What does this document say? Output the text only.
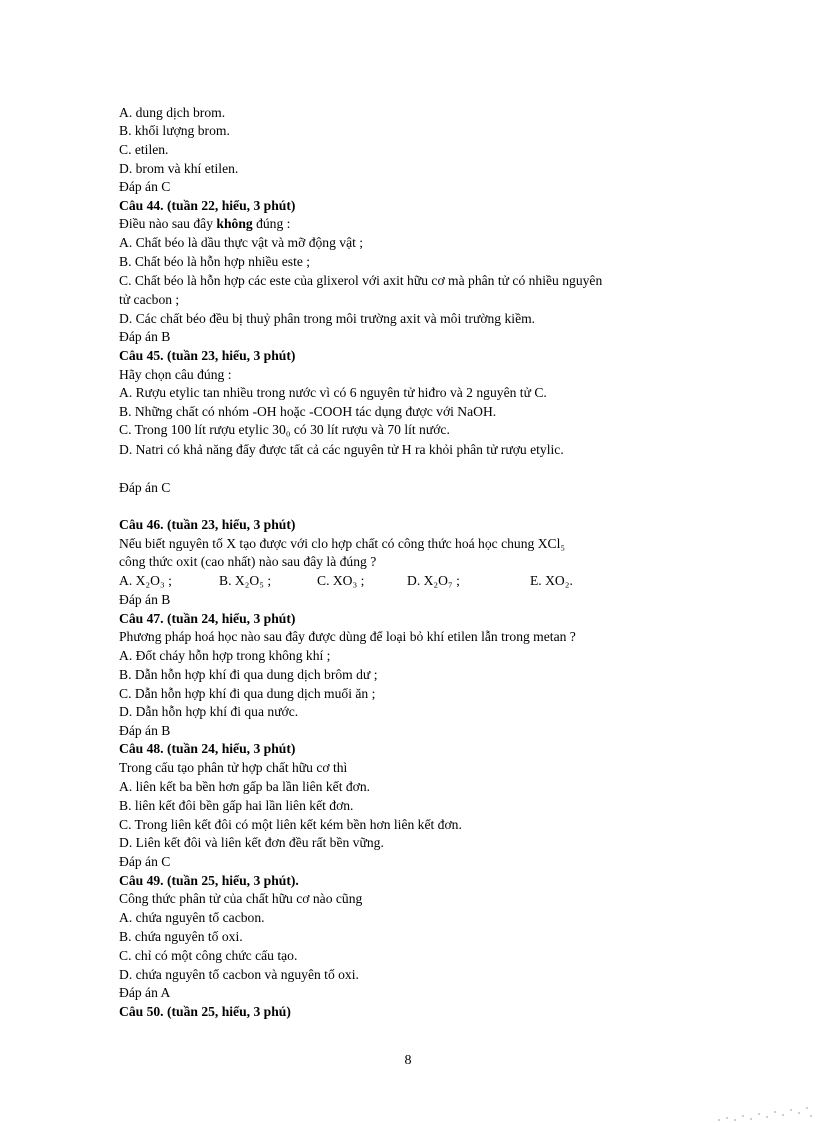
A. dung dịch brom.
B. khối lượng brom.
C. etilen.
D. brom và khí etilen.
Đáp án C
Câu 44. (tuần 22, hiểu, 3 phút)
Điều nào sau đây không đúng :
A. Chất béo là dầu thực vật và mỡ động vật ;
B. Chất béo là hỗn hợp nhiều este ;
C. Chất béo là hỗn hợp các este của glixerol với axit hữu cơ mà phân tử có nhiều nguyên
tử cacbon ;
D. Các chất béo đều bị thuỷ phân trong môi trường axit và môi trường kiềm.
Đáp án B
Câu 45. (tuần 23, hiểu, 3 phút)
Hãy chọn câu đúng :
A. Rượu etylic tan nhiều trong nước vì có 6 nguyên tử hiđro và 2 nguyên tử C.
B. Những chất có nhóm -OH hoặc -COOH tác dụng được với NaOH.
C. Trong 100 lít rượu etylic 30₀ có 30 lít rượu và 70 lít nước.
D. Natri có khả năng đẩy được tất cả các nguyên tử H ra khỏi phân tử rượu etylic.
Đáp án C
Câu 46. (tuần 23, hiểu, 3 phút)
Nếu biết nguyên tố X tạo được với clo hợp chất có công thức hoá học chung XCl₅
công thức oxit (cao nhất) nào sau đây là đúng ?
A. X₂O₃ ;	B. X₂O₅ ;	C. XO₃ ;	D. X₂O₇ ;	E. XO₂.
Đáp án B
Câu 47. (tuần 24, hiểu, 3 phút)
Phương pháp hoá học nào sau đây được dùng để loại bỏ khí etilen lẫn trong metan ?
A. Đốt cháy hỗn hợp trong không khí ;
B. Dẫn hỗn hợp khí đi qua dung dịch brôm dư ;
C. Dẫn hỗn hợp khí đi qua dung dịch muối ăn ;
D. Dẫn hỗn hợp khí đi qua nước.
Đáp án B
Câu 48. (tuần 24, hiểu, 3 phút)
Trong cấu tạo phân tử hợp chất hữu cơ thì
A. liên kết ba bền hơn gấp ba lần liên kết đơn.
B. liên kết đôi bền gấp hai lần liên kết đơn.
C. Trong liên kết đôi có một liên kết kém bền hơn liên kết đơn.
D. Liên kết đôi và liên kết đơn đều rất bền vững.
Đáp án C
Câu 49. (tuần 25, hiểu, 3 phút).
Công thức phân tử của chất hữu cơ nào cũng
A. chứa nguyên tố cacbon.
B. chứa nguyên tố oxi.
C. chỉ có một công chức cấu tạo.
D. chứa nguyên tố cacbon và nguyên tố oxi.
Đáp án A
Câu 50. (tuần 25, hiểu, 3 phú)
8
